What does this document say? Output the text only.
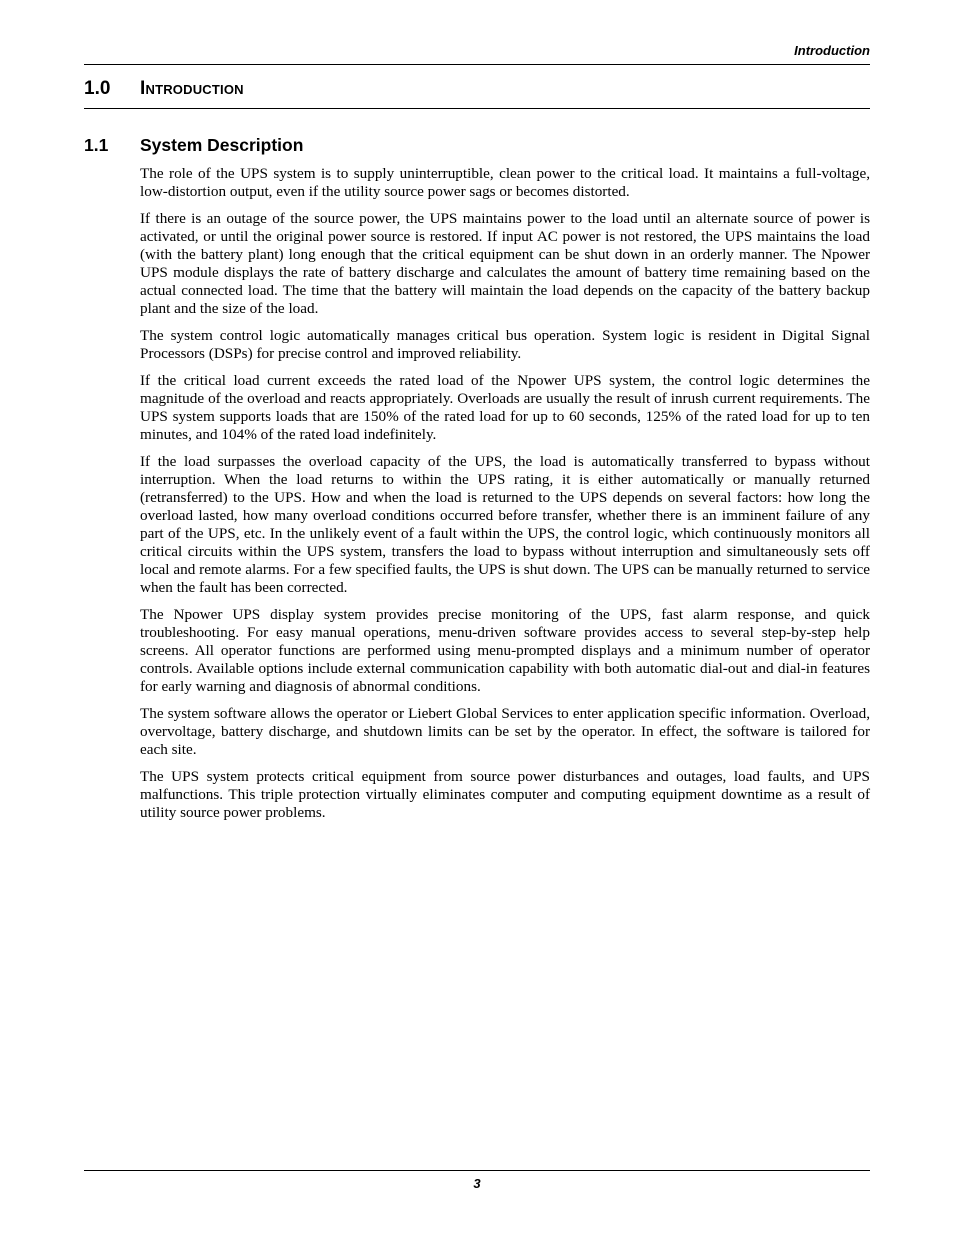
Introduction
1.0 Introduction
1.1 System Description

The role of the UPS system is to supply uninterruptible, clean power to the critical load. It maintains a full-voltage, low-distortion output, even if the utility source power sags or becomes distorted.

If there is an outage of the source power, the UPS maintains power to the load until an alternate source of power is activated, or until the original power source is restored. If input AC power is not restored, the UPS maintains the load (with the battery plant) long enough that the critical equipment can be shut down in an orderly manner. The Npower UPS module displays the rate of battery discharge and calculates the amount of battery time remaining based on the actual connected load. The time that the battery will maintain the load depends on the capacity of the battery backup plant and the size of the load.

The system control logic automatically manages critical bus operation. System logic is resident in Digital Signal Processors (DSPs) for precise control and improved reliability.

If the critical load current exceeds the rated load of the Npower UPS system, the control logic determines the magnitude of the overload and reacts appropriately. Overloads are usually the result of inrush current requirements. The UPS system supports loads that are 150% of the rated load for up to 60 seconds, 125% of the rated load for up to ten minutes, and 104% of the rated load indefinitely.

If the load surpasses the overload capacity of the UPS, the load is automatically transferred to bypass without interruption. When the load returns to within the UPS rating, it is either automatically or manually returned (retransferred) to the UPS. How and when the load is returned to the UPS depends on several factors: how long the overload lasted, how many overload conditions occurred before transfer, whether there is an imminent failure of any part of the UPS, etc. In the unlikely event of a fault within the UPS, the control logic, which continuously monitors all critical circuits within the UPS system, transfers the load to bypass without interruption and simultaneously sets off local and remote alarms. For a few specified faults, the UPS is shut down. The UPS can be manually returned to service when the fault has been corrected.

The Npower UPS display system provides precise monitoring of the UPS, fast alarm response, and quick troubleshooting. For easy manual operations, menu-driven software provides access to several step-by-step help screens. All operator functions are performed using menu-prompted displays and a minimum number of operator controls. Available options include external communication capability with both automatic dial-out and dial-in features for early warning and diagnosis of abnormal conditions.

The system software allows the operator or Liebert Global Services to enter application specific information. Overload, overvoltage, battery discharge, and shutdown limits can be set by the operator. In effect, the software is tailored for each site.

The UPS system protects critical equipment from source power disturbances and outages, load faults, and UPS malfunctions. This triple protection virtually eliminates computer and computing equipment downtime as a result of utility source power problems.

3
